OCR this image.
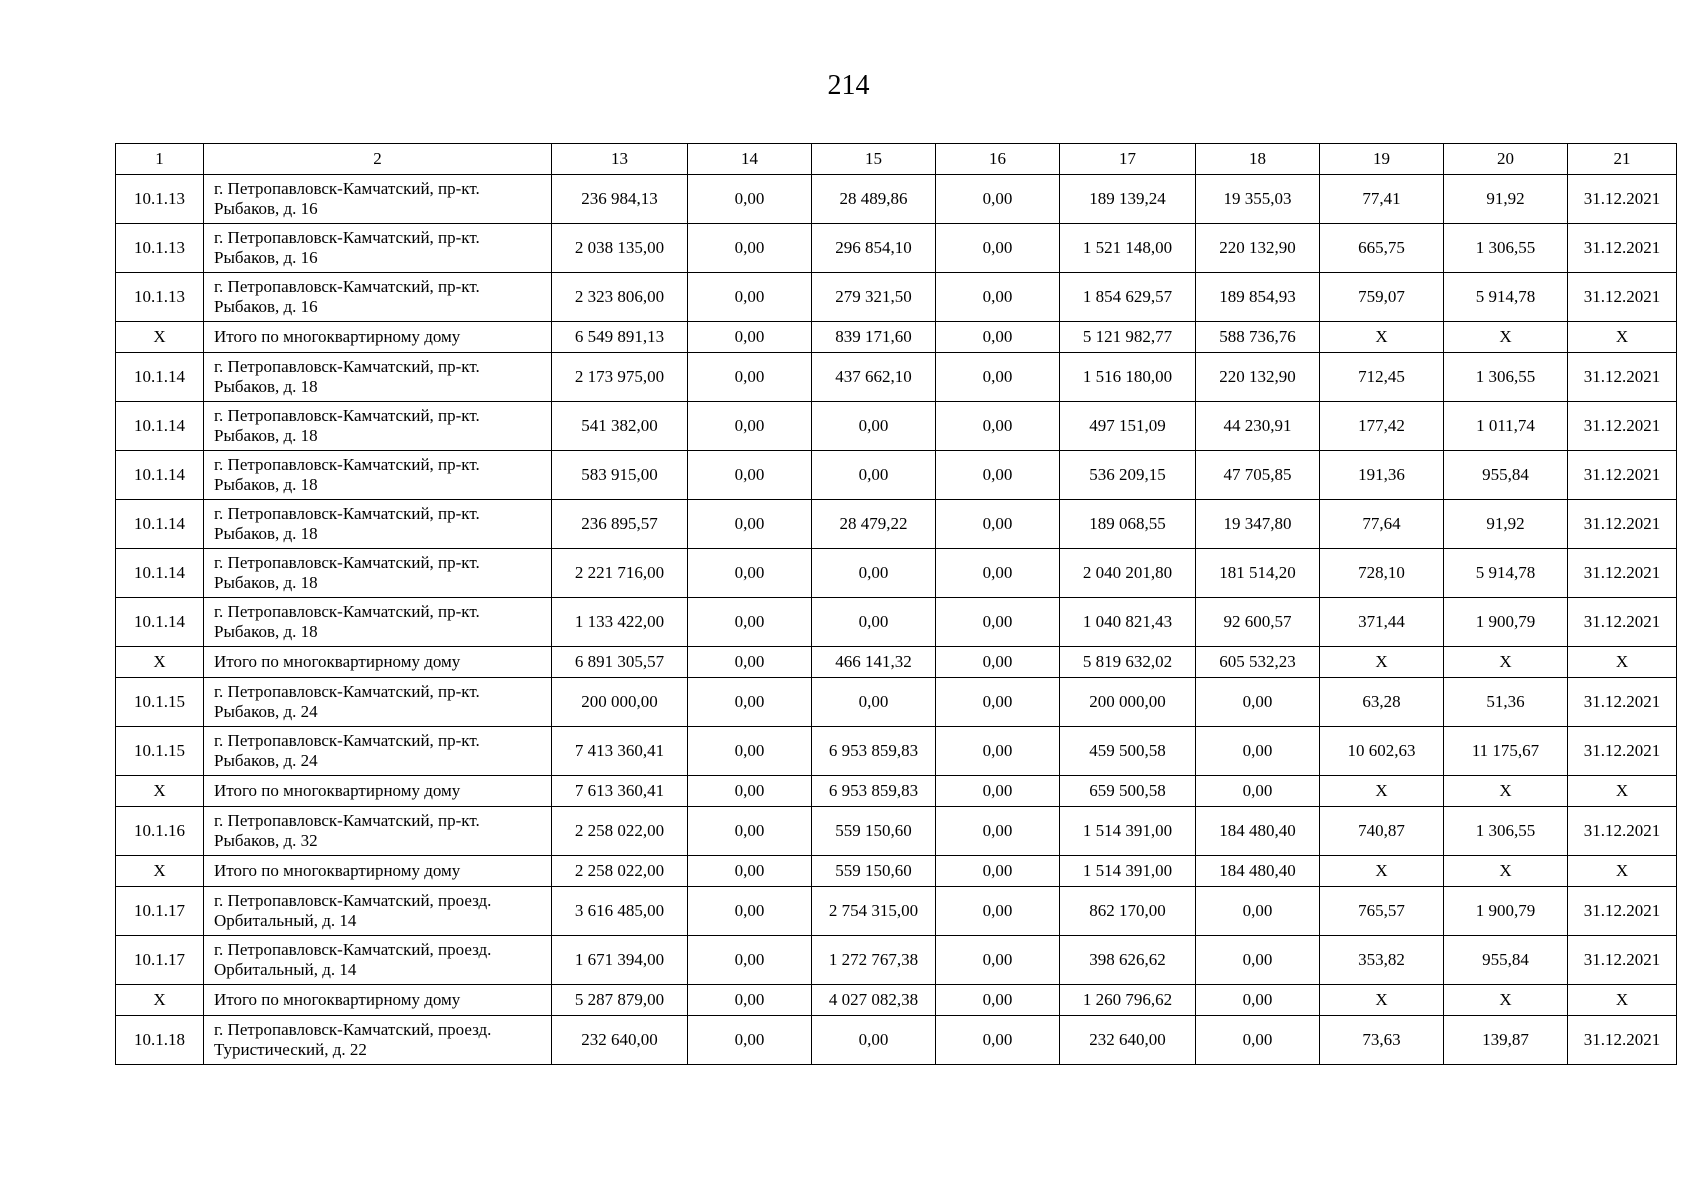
214
1	2	13	14	15	16	17	18	19	20	21
10.1.13	г. Петропавловск-Камчатский, пр-кт. Рыбаков, д. 16	236 984,13	0,00	28 489,86	0,00	189 139,24	19 355,03	77,41	91,92	31.12.2021
10.1.13	г. Петропавловск-Камчатский, пр-кт. Рыбаков, д. 16	2 038 135,00	0,00	296 854,10	0,00	1 521 148,00	220 132,90	665,75	1 306,55	31.12.2021
10.1.13	г. Петропавловск-Камчатский, пр-кт. Рыбаков, д. 16	2 323 806,00	0,00	279 321,50	0,00	1 854 629,57	189 854,93	759,07	5 914,78	31.12.2021
X	Итого по многоквартирному дому	6 549 891,13	0,00	839 171,60	0,00	5 121 982,77	588 736,76	X	X	X
10.1.14	г. Петропавловск-Камчатский, пр-кт. Рыбаков, д. 18	2 173 975,00	0,00	437 662,10	0,00	1 516 180,00	220 132,90	712,45	1 306,55	31.12.2021
10.1.14	г. Петропавловск-Камчатский, пр-кт. Рыбаков, д. 18	541 382,00	0,00	0,00	0,00	497 151,09	44 230,91	177,42	1 011,74	31.12.2021
10.1.14	г. Петропавловск-Камчатский, пр-кт. Рыбаков, д. 18	583 915,00	0,00	0,00	0,00	536 209,15	47 705,85	191,36	955,84	31.12.2021
10.1.14	г. Петропавловск-Камчатский, пр-кт. Рыбаков, д. 18	236 895,57	0,00	28 479,22	0,00	189 068,55	19 347,80	77,64	91,92	31.12.2021
10.1.14	г. Петропавловск-Камчатский, пр-кт. Рыбаков, д. 18	2 221 716,00	0,00	0,00	0,00	2 040 201,80	181 514,20	728,10	5 914,78	31.12.2021
10.1.14	г. Петропавловск-Камчатский, пр-кт. Рыбаков, д. 18	1 133 422,00	0,00	0,00	0,00	1 040 821,43	92 600,57	371,44	1 900,79	31.12.2021
X	Итого по многоквартирному дому	6 891 305,57	0,00	466 141,32	0,00	5 819 632,02	605 532,23	X	X	X
10.1.15	г. Петропавловск-Камчатский, пр-кт. Рыбаков, д. 24	200 000,00	0,00	0,00	0,00	200 000,00	0,00	63,28	51,36	31.12.2021
10.1.15	г. Петропавловск-Камчатский, пр-кт. Рыбаков, д. 24	7 413 360,41	0,00	6 953 859,83	0,00	459 500,58	0,00	10 602,63	11 175,67	31.12.2021
X	Итого по многоквартирному дому	7 613 360,41	0,00	6 953 859,83	0,00	659 500,58	0,00	X	X	X
10.1.16	г. Петропавловск-Камчатский, пр-кт. Рыбаков, д. 32	2 258 022,00	0,00	559 150,60	0,00	1 514 391,00	184 480,40	740,87	1 306,55	31.12.2021
X	Итого по многоквартирному дому	2 258 022,00	0,00	559 150,60	0,00	1 514 391,00	184 480,40	X	X	X
10.1.17	г. Петропавловск-Камчатский, проезд. Орбитальный, д. 14	3 616 485,00	0,00	2 754 315,00	0,00	862 170,00	0,00	765,57	1 900,79	31.12.2021
10.1.17	г. Петропавловск-Камчатский, проезд. Орбитальный, д. 14	1 671 394,00	0,00	1 272 767,38	0,00	398 626,62	0,00	353,82	955,84	31.12.2021
X	Итого по многоквартирному дому	5 287 879,00	0,00	4 027 082,38	0,00	1 260 796,62	0,00	X	X	X
10.1.18	г. Петропавловск-Камчатский, проезд. Туристический, д. 22	232 640,00	0,00	0,00	0,00	232 640,00	0,00	73,63	139,87	31.12.2021
